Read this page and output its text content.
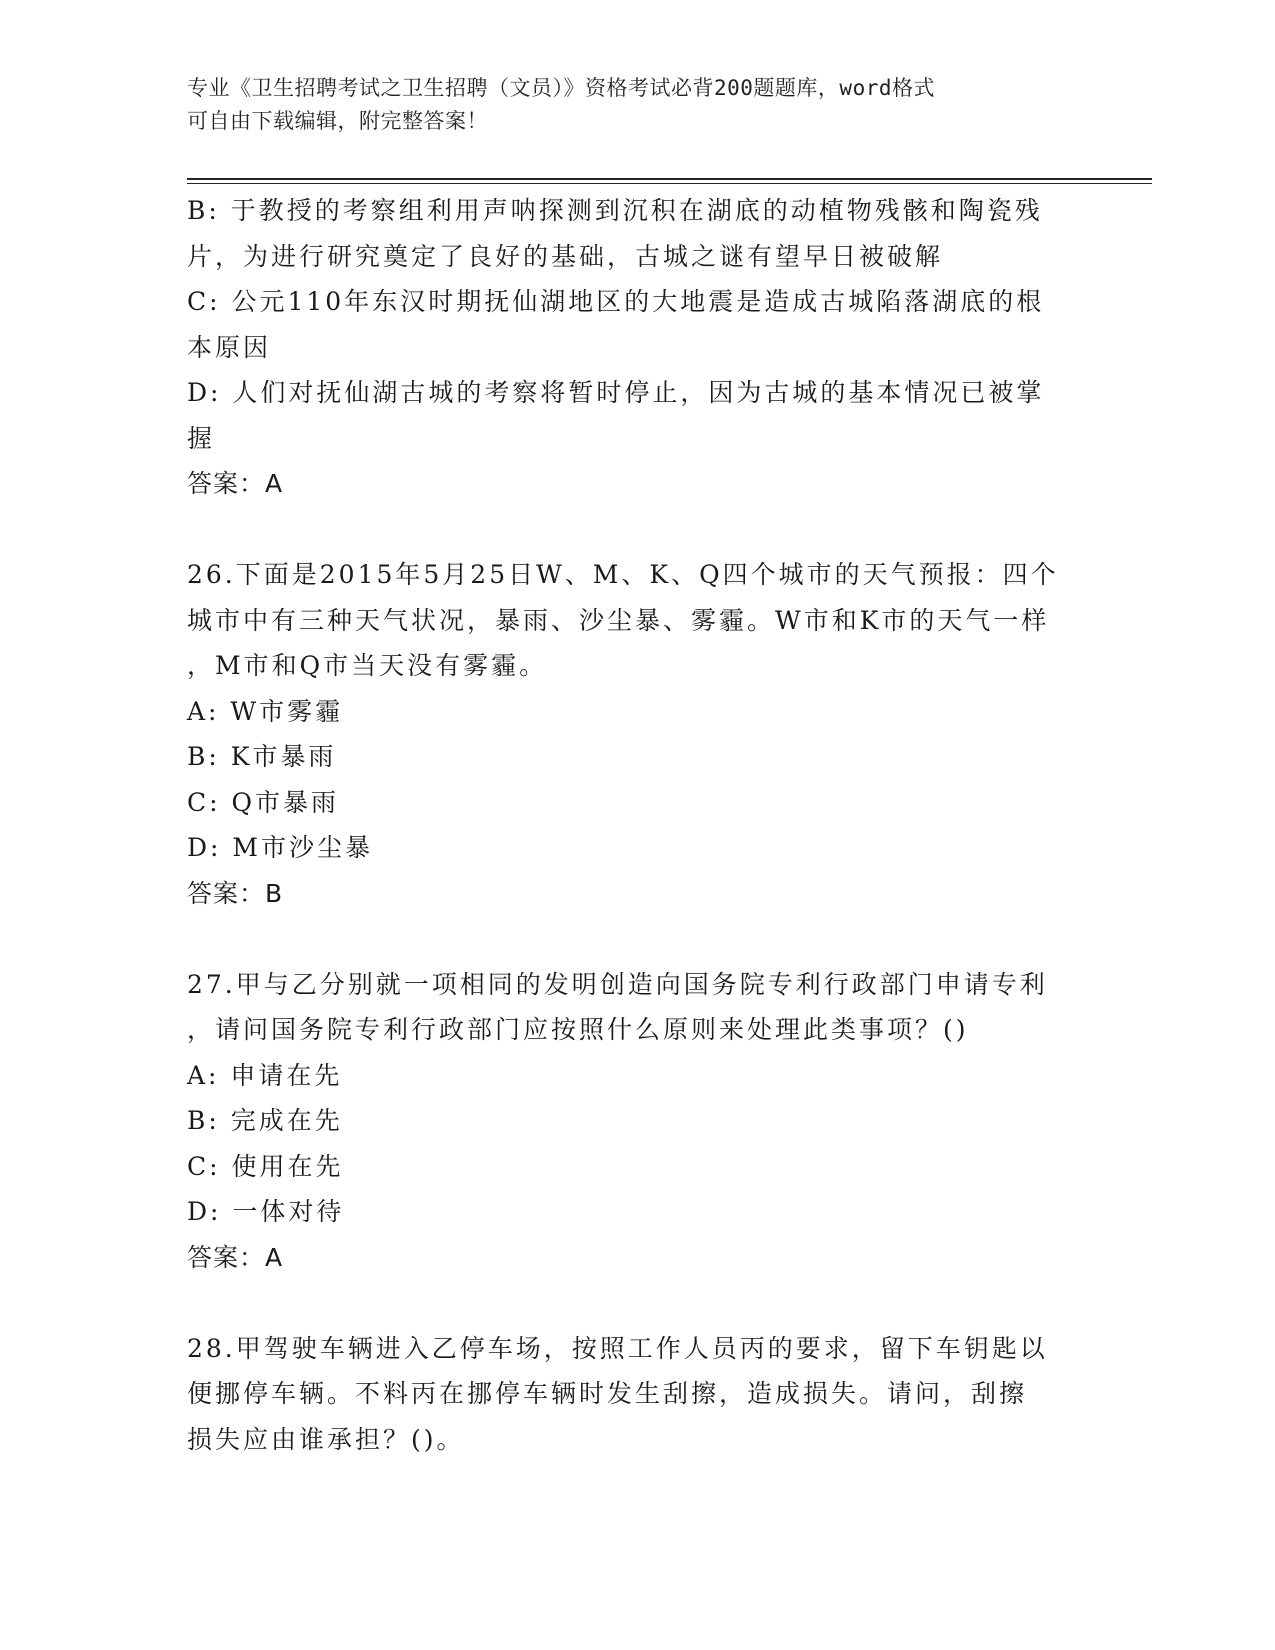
专业《卫生招聘考试之卫生招聘（文员）》资格考试必背200题题库，word格式
可自由下载编辑，附完整答案！

B: 于教授的考察组利用声呐探测到沉积在湖底的动植物残骸和陶瓷残

片，为进行研究奠定了良好的基础，古城之谜有望早日被破解

C: 公元110年东汉时期抚仙湖地区的大地震是造成古城陷落湖底的根

本原因

D: 人们对抚仙湖古城的考察将暂时停止，因为古城的基本情况已被掌

握

答案：A

26.下面是2015年5月25日W、M、K、Q四个城市的天气预报：四个

城市中有三种天气状况，暴雨、沙尘暴、雾霾。W市和K市的天气一样

，M市和Q市当天没有雾霾。

A: W市雾霾

B: K市暴雨

C: Q市暴雨

D: M市沙尘暴

答案：B

27.甲与乙分别就一项相同的发明创造向国务院专利行政部门申请专利

，请问国务院专利行政部门应按照什么原则来处理此类事项？()

A: 申请在先

B: 完成在先

C: 使用在先

D: 一体对待

答案：A

28.甲驾驶车辆进入乙停车场，按照工作人员丙的要求，留下车钥匙以

便挪停车辆。不料丙在挪停车辆时发生刮擦，造成损失。请问，刮擦

损失应由谁承担？()。
